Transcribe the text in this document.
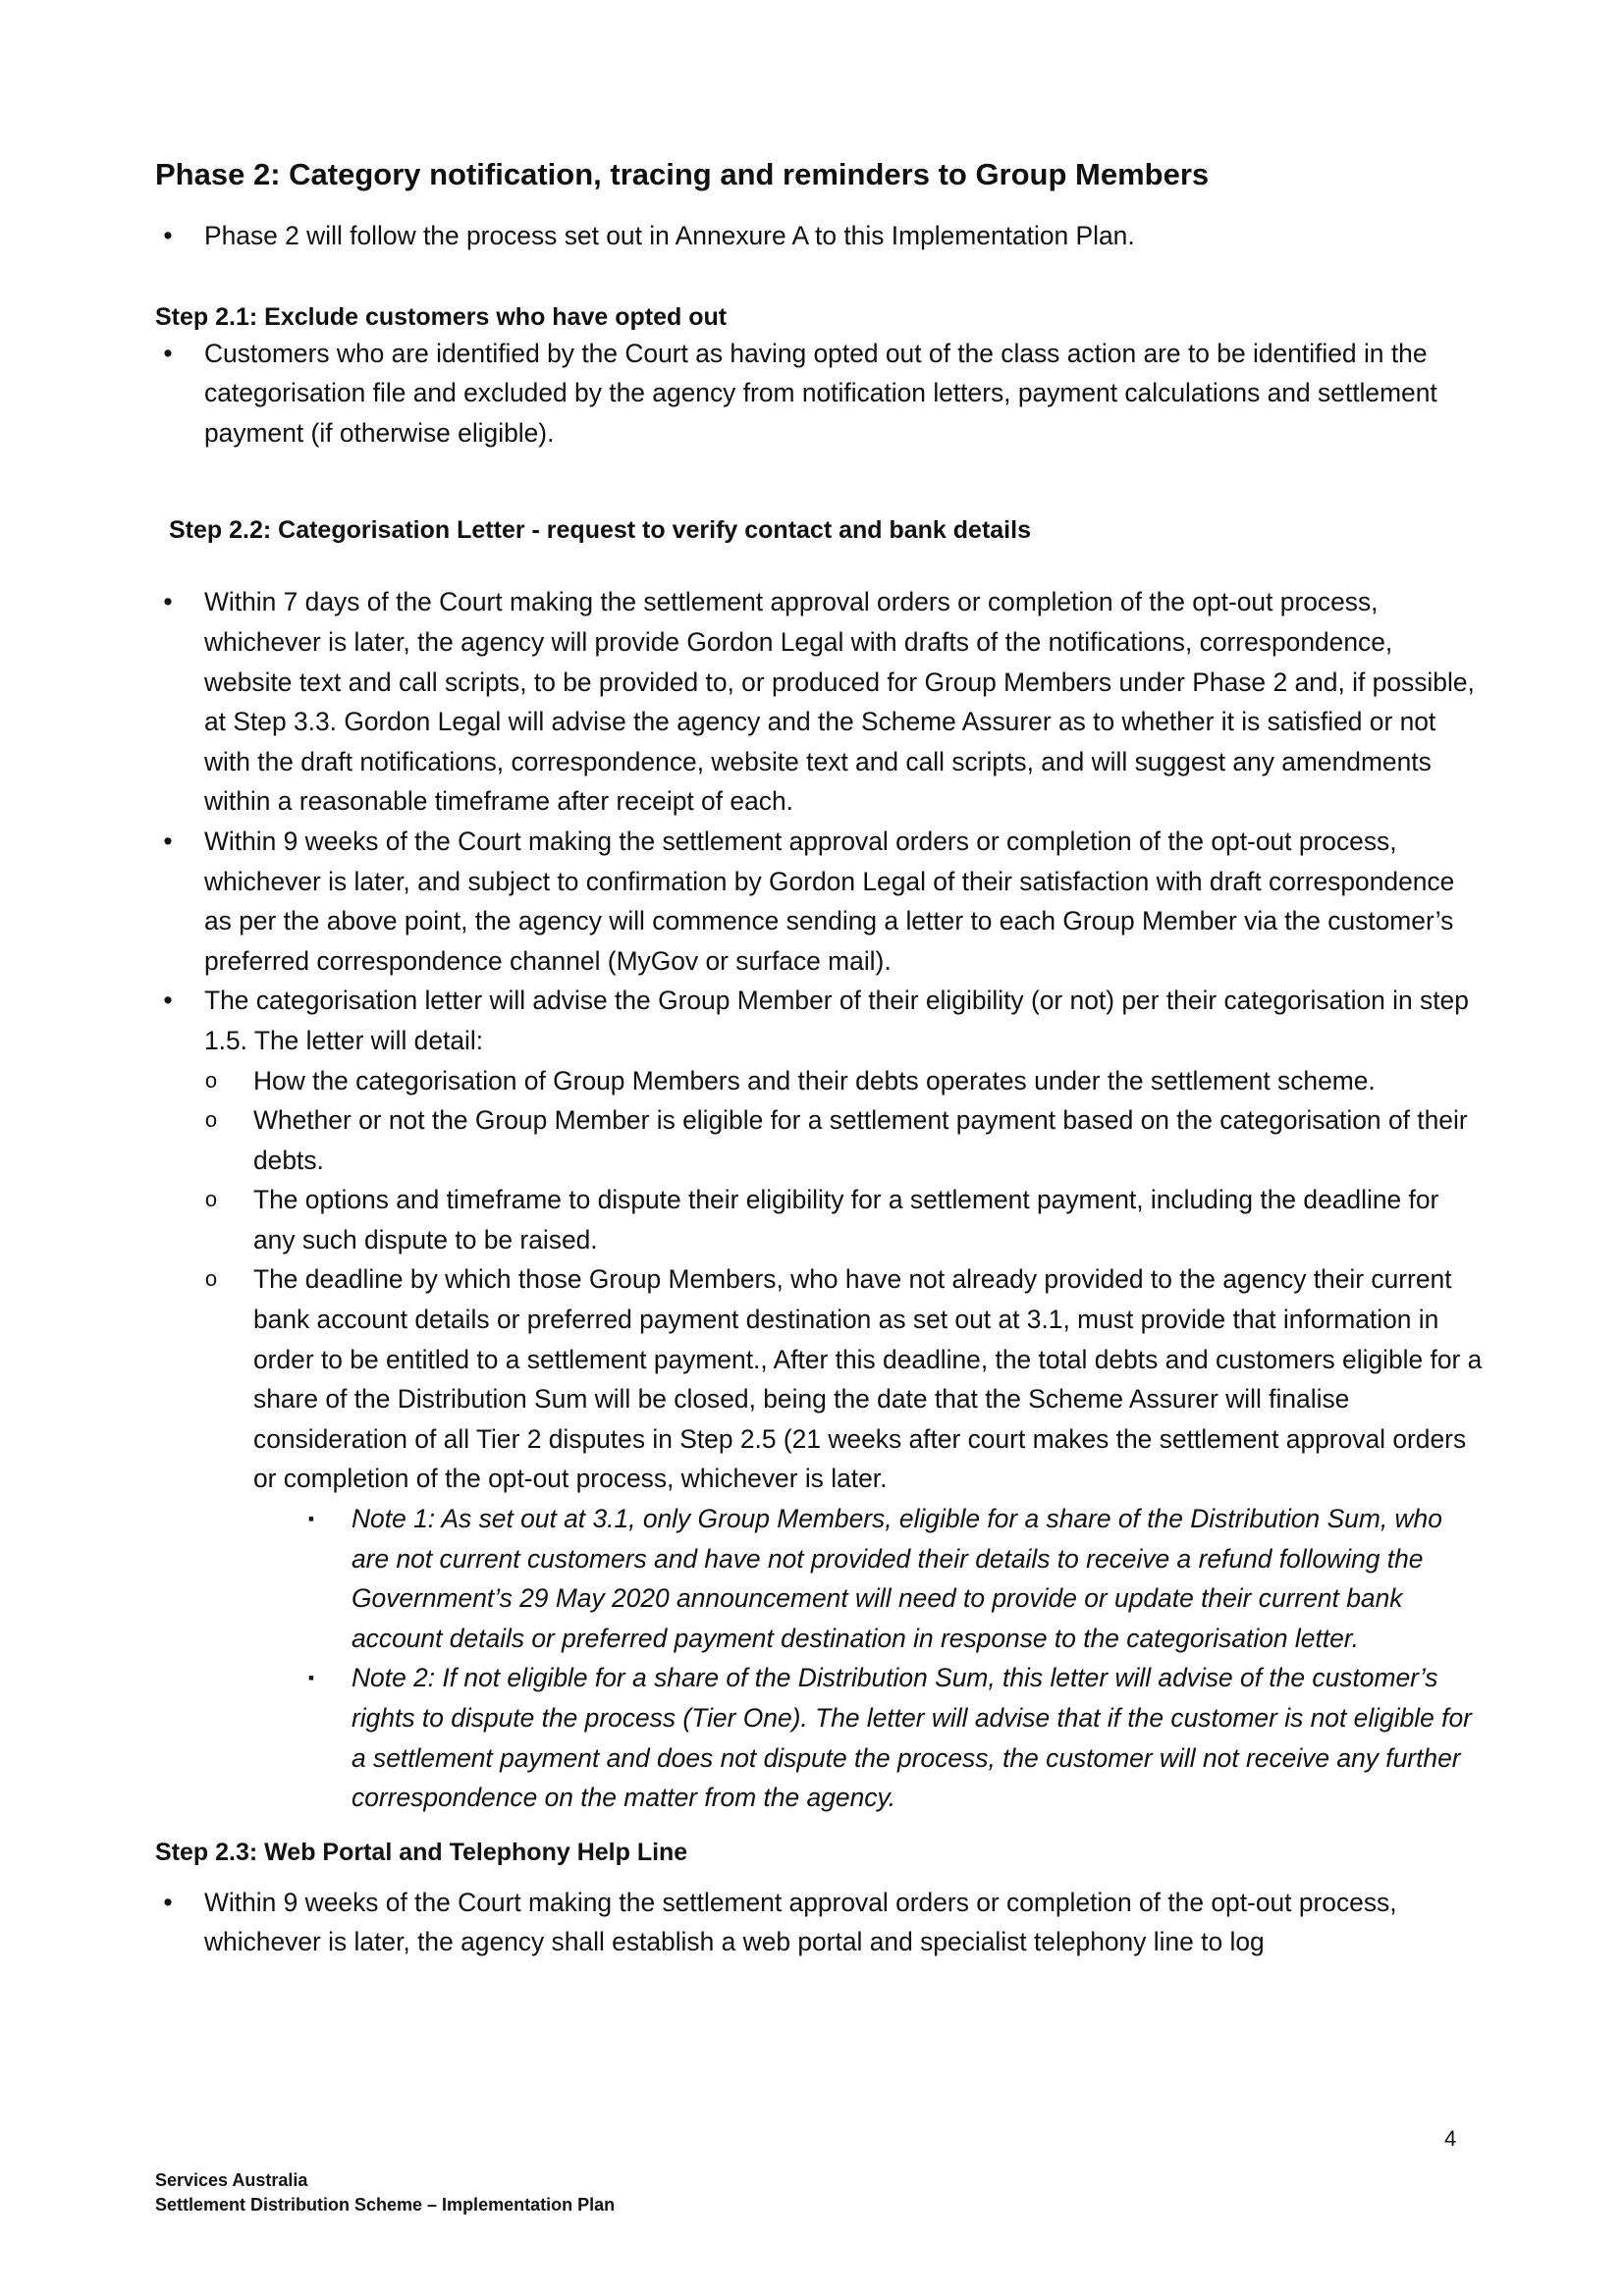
Phase 2: Category notification, tracing and reminders to Group Members
• Phase 2 will follow the process set out in Annexure A to this Implementation Plan.
Step 2.1: Exclude customers who have opted out
• Customers who are identified by the Court as having opted out of the class action are to be identified in the categorisation file and excluded by the agency from notification letters, payment calculations and settlement payment (if otherwise eligible).
Step 2.2: Categorisation Letter - request to verify contact and bank details
• Within 7 days of the Court making the settlement approval orders or completion of the opt-out process, whichever is later, the agency will provide Gordon Legal with drafts of the notifications, correspondence, website text and call scripts, to be provided to, or produced for Group Members under Phase 2 and, if possible, at Step 3.3. Gordon Legal will advise the agency and the Scheme Assurer as to whether it is satisfied or not with the draft notifications, correspondence, website text and call scripts, and will suggest any amendments within a reasonable timeframe after receipt of each.
• Within 9 weeks of the Court making the settlement approval orders or completion of the opt-out process, whichever is later, and subject to confirmation by Gordon Legal of their satisfaction with draft correspondence as per the above point, the agency will commence sending a letter to each Group Member via the customer’s preferred correspondence channel (MyGov or surface mail).
• The categorisation letter will advise the Group Member of their eligibility (or not) per their categorisation in step 1.5. The letter will detail:
o How the categorisation of Group Members and their debts operates under the settlement scheme.
o Whether or not the Group Member is eligible for a settlement payment based on the categorisation of their debts.
o The options and timeframe to dispute their eligibility for a settlement payment, including the deadline for any such dispute to be raised.
o The deadline by which those Group Members, who have not already provided to the agency their current bank account details or preferred payment destination as set out at 3.1, must provide that information in order to be entitled to a settlement payment., After this deadline, the total debts and customers eligible for a share of the Distribution Sum will be closed, being the date that the Scheme Assurer will finalise consideration of all Tier 2 disputes in Step 2.5 (21 weeks after court makes the settlement approval orders or completion of the opt-out process, whichever is later.
▪ Note 1: As set out at 3.1, only Group Members, eligible for a share of the Distribution Sum, who are not current customers and have not provided their details to receive a refund following the Government’s 29 May 2020 announcement will need to provide or update their current bank account details or preferred payment destination in response to the categorisation letter.
▪ Note 2: If not eligible for a share of the Distribution Sum, this letter will advise of the customer’s rights to dispute the process (Tier One). The letter will advise that if the customer is not eligible for a settlement payment and does not dispute the process, the customer will not receive any further correspondence on the matter from the agency.
Step 2.3: Web Portal and Telephony Help Line
• Within 9 weeks of the Court making the settlement approval orders or completion of the opt-out process, whichever is later, the agency shall establish a web portal and specialist telephony line to log
4
Services Australia
Settlement Distribution Scheme – Implementation Plan
